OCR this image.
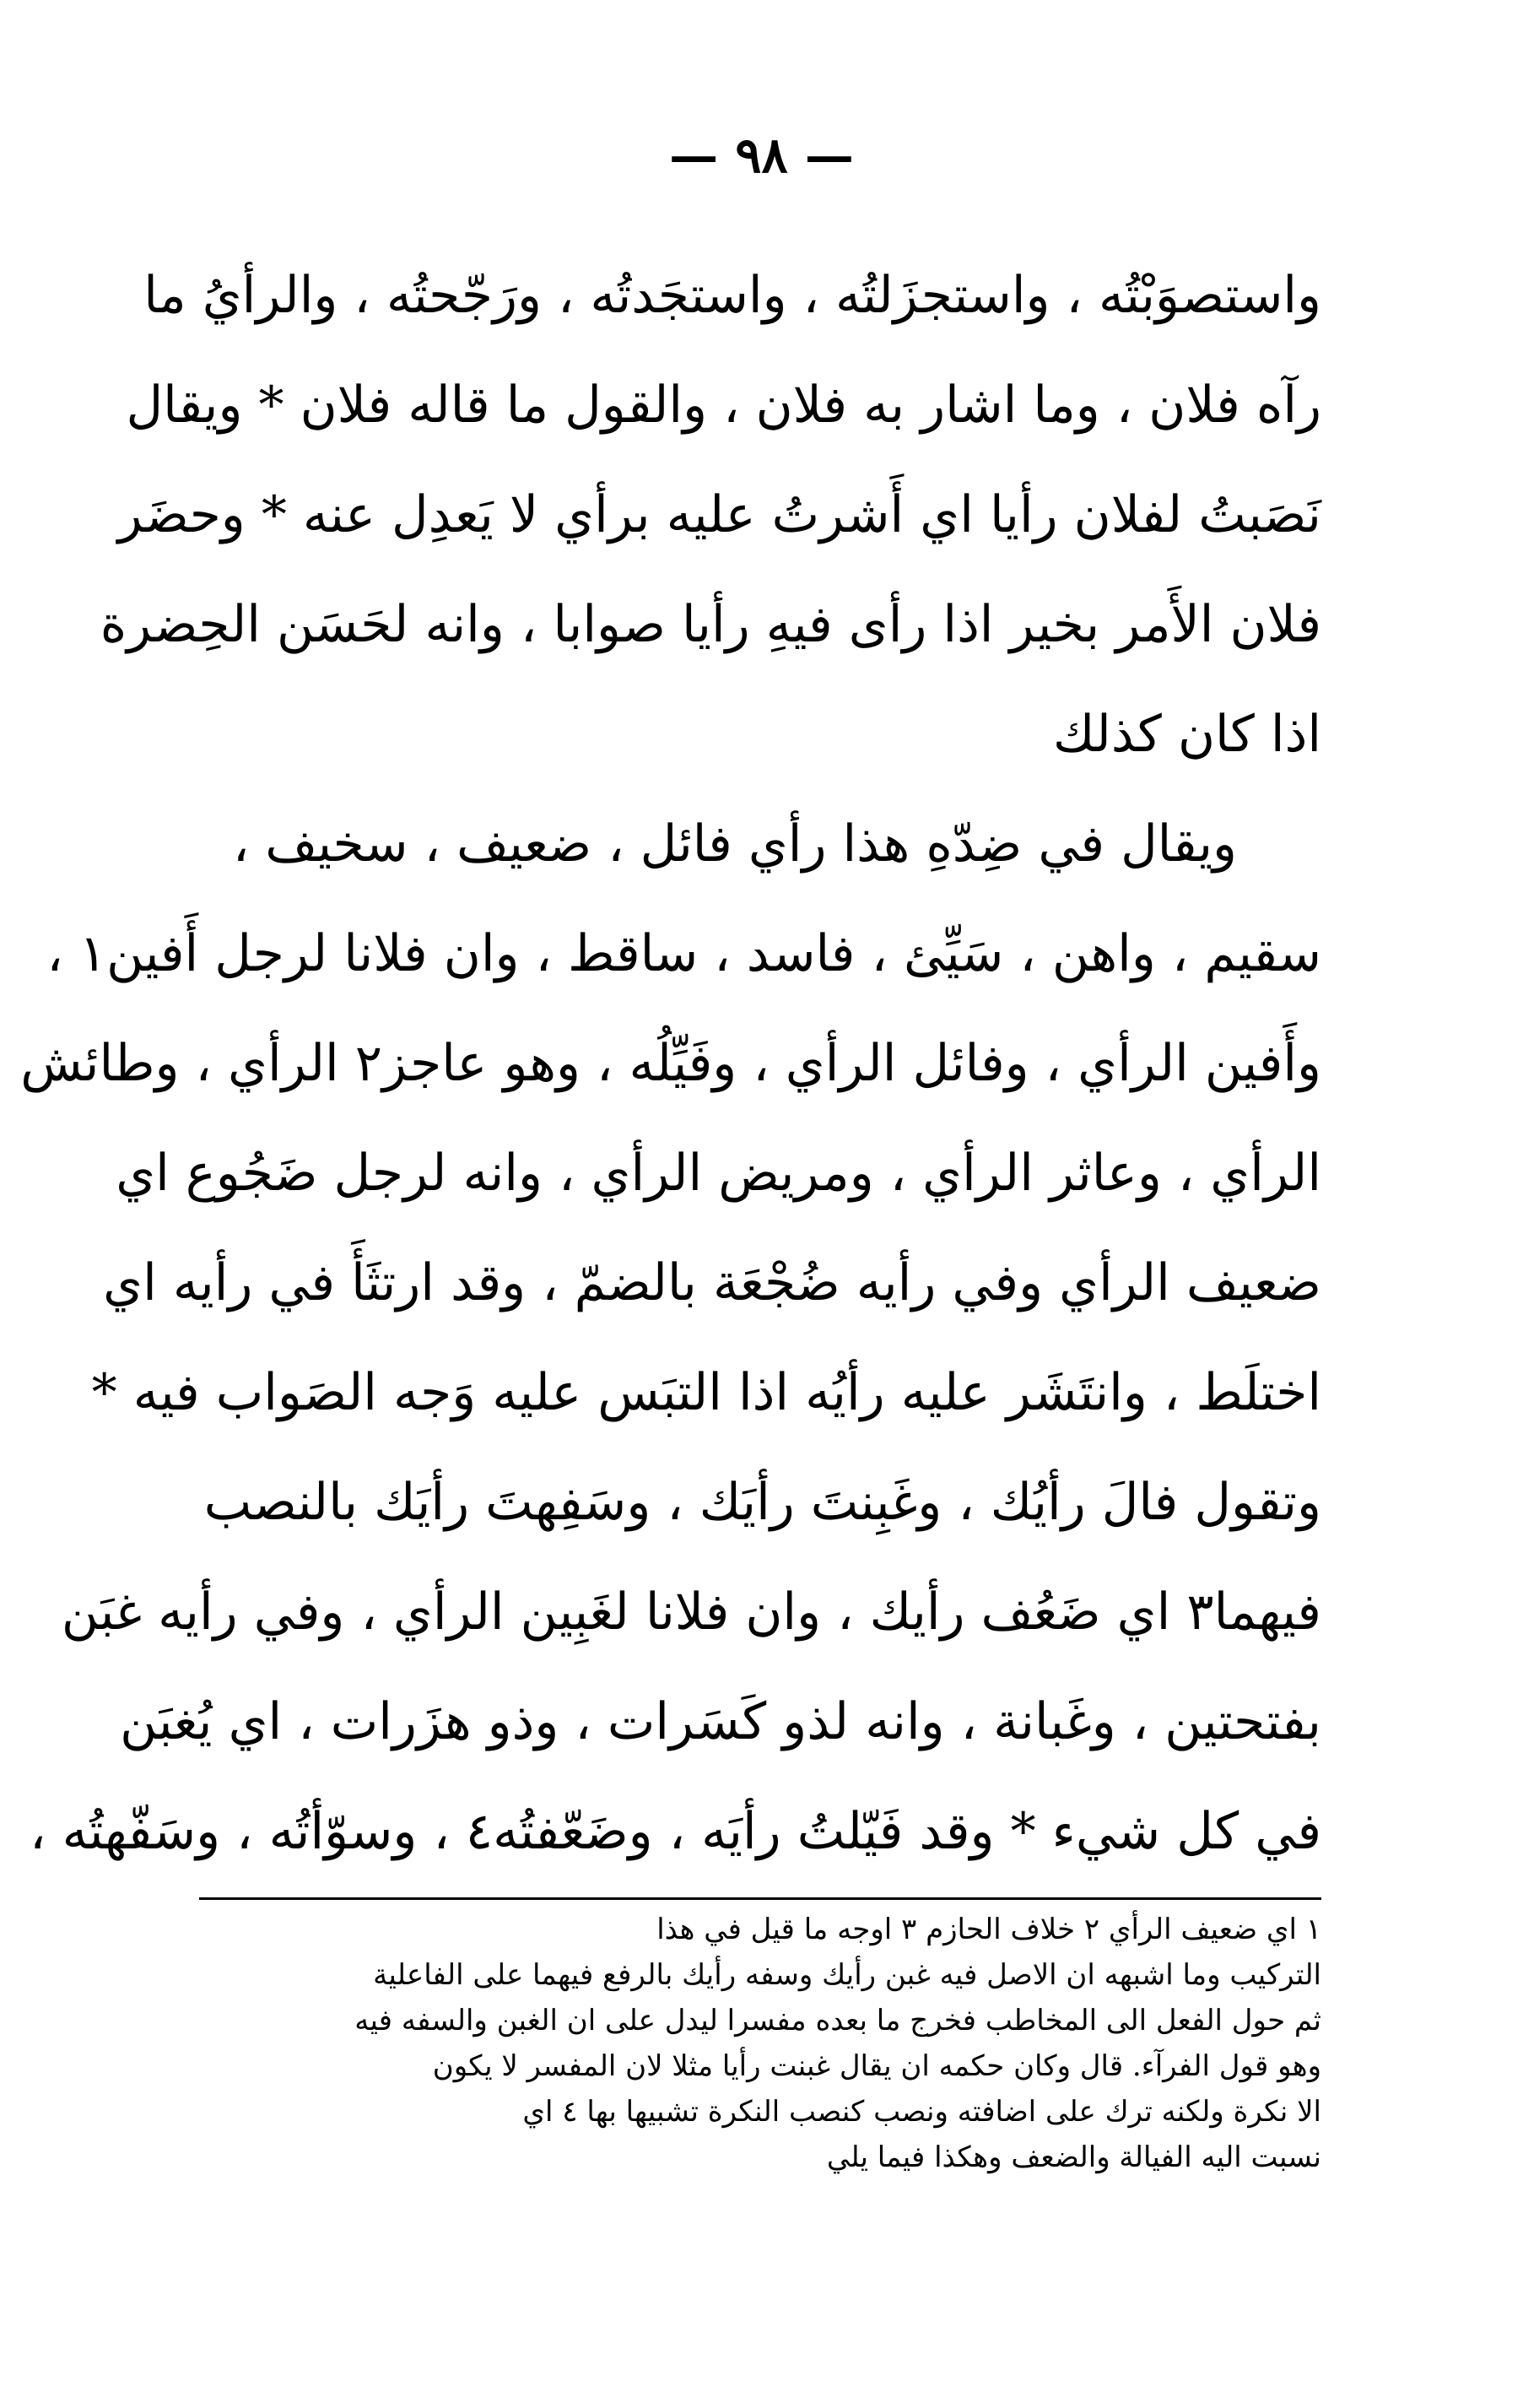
— ٩٨ —
واستصوَبْتُه ، واستجزَلتُه ، واستجَدتُه ، ورَجّحتُه ، والرأيُ ما
رآه فلان ، وما اشار به فلان ، والقول ما قاله فلان * ويقال
نَصَبتُ لفلان رأيا اي أَشرتُ عليه برأي لا يَعدِل عنه * وحضَر
فلان الأَمر بخير اذا رأى فيهِ رأيا صوابا ، وانه لحَسَن الحِضرة
اذا كان كذلك
ويقال في ضِدّهِ هذا رأي فائل ، ضعيف ، سخيف ،
سقيم ، واهن ، سَيِّئ ، فاسد ، ساقط ، وان فلانا لرجل أَفين١ ،
وأَفين الرأي ، وفائل الرأي ، وفَيِّلُه ، وهو عاجز٢ الرأي ، وطائش
الرأي ، وعاثر الرأي ، ومريض الرأي ، وانه لرجل ضَجُوع اي
ضعيف الرأي وفي رأيه ضُجْعَة بالضمّ ، وقد ارتثَأَ في رأيه اي
اختلَط ، وانتَشَر عليه رأيُه اذا التبَس عليه وَجه الصَواب فيه *
وتقول فالَ رأيُك ، وغَبِنتَ رأيَك ، وسَفِهتَ رأيَك بالنصب
فيهما٣ اي ضَعُف رأيك ، وان فلانا لغَبِين الرأي ، وفي رأيه غبَن
بفتحتين ، وغَبانة ، وانه لذو كَسَرات ، وذو هزَرات ، اي يُغبَن
في كل شيء * وقد فَيّلتُ رأيَه ، وضَعّفتُه٤ ، وسوّأتُه ، وسَفّهتُه ،
١ اي ضعيف الرأي ٢ خلاف الحازم ٣ اوجه ما قيل في هذا
التركيب وما اشبهه ان الاصل فيه غبن رأيك وسفه رأيك بالرفع فيهما على الفاعلية
ثم حول الفعل الى المخاطب فخرج ما بعده مفسرا ليدل على ان الغبن والسفه فيه
وهو قول الفرآء. قال وكان حكمه ان يقال غبنت رأيا مثلا لان المفسر لا يكون
الا نكرة ولكنه ترك على اضافته ونصب كنصب النكرة تشبيها بها ٤ اي
نسبت اليه الفيالة والضعف وهكذا فيما يلي
